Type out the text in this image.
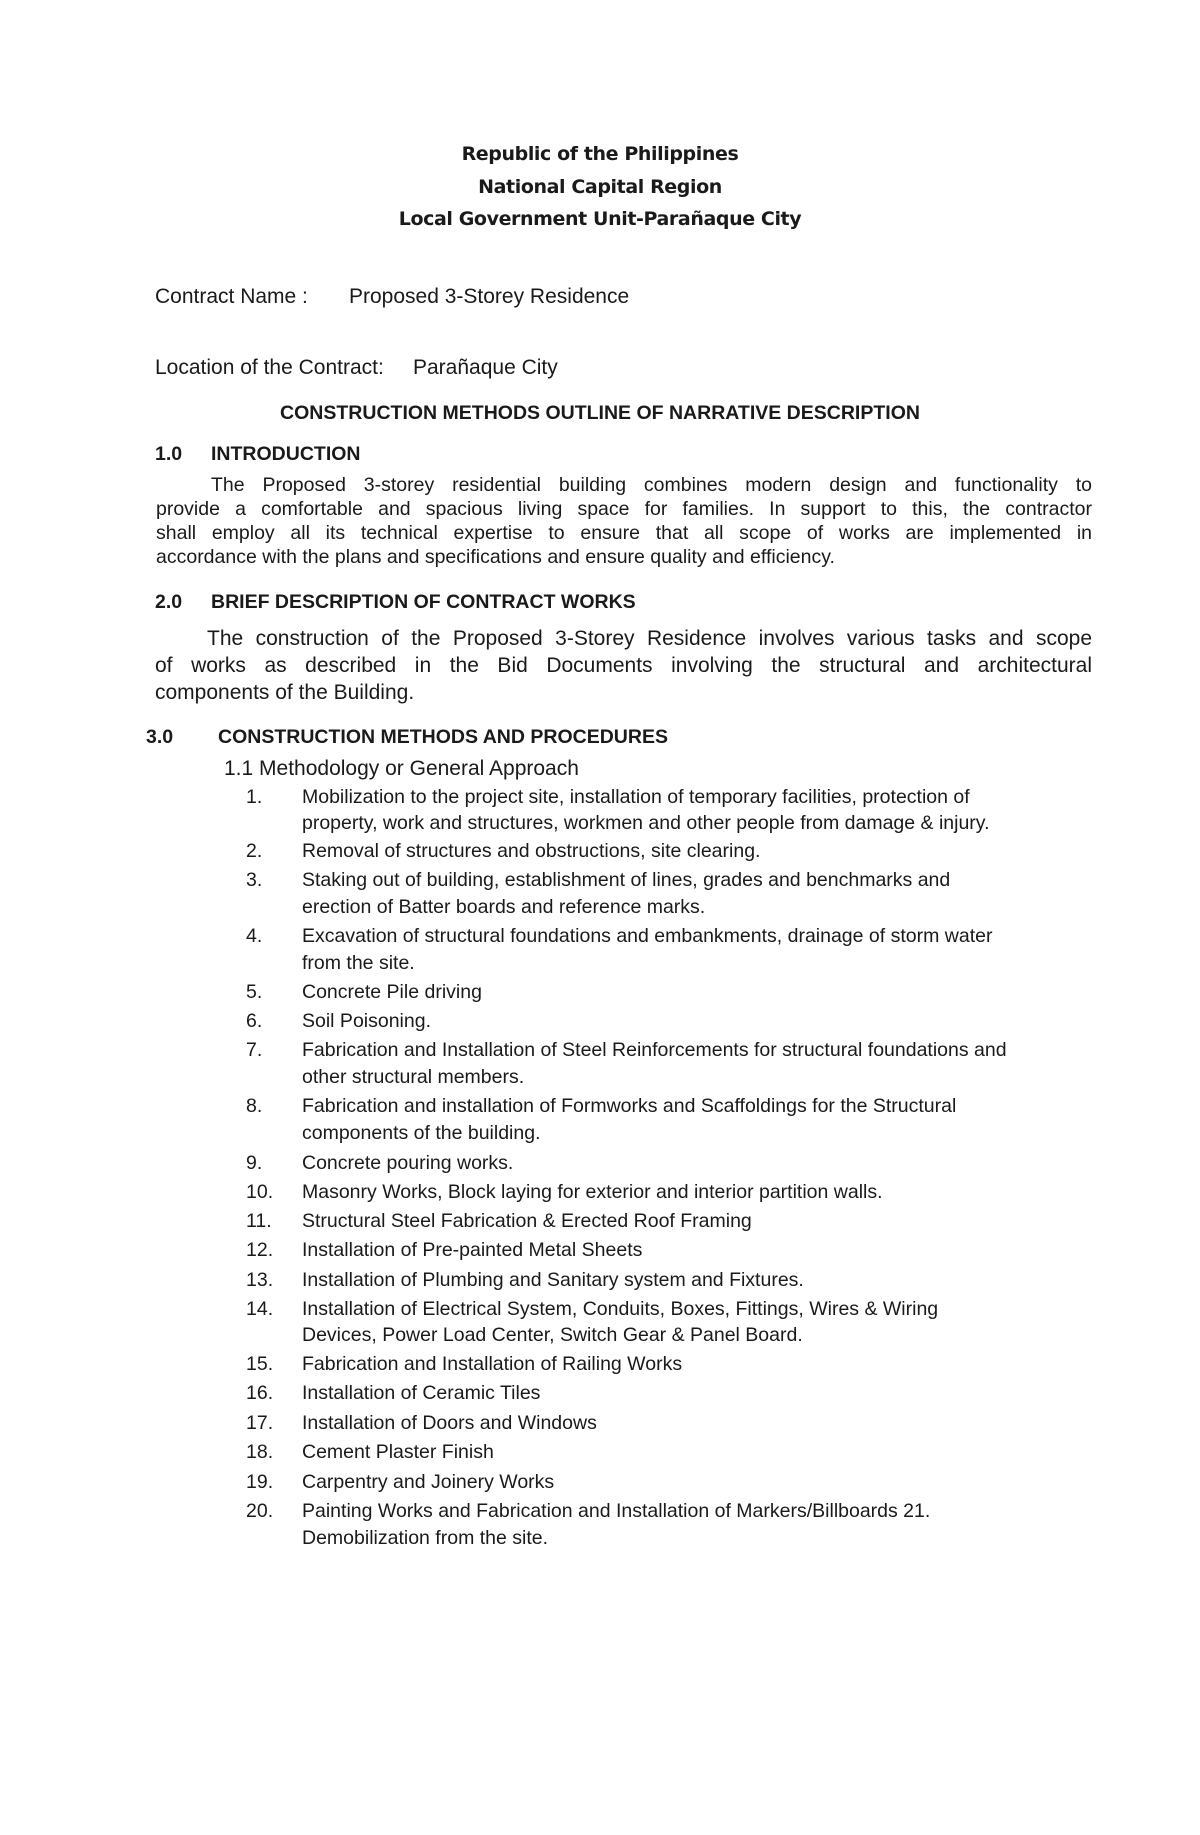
Republic of the Philippines
National Capital Region
Local Government Unit-Parañaque City
Contract Name : Proposed 3-Storey Residence
Location of the Contract: Parañaque City
CONSTRUCTION METHODS OUTLINE OF NARRATIVE DESCRIPTION
1.0 INTRODUCTION
The Proposed 3-storey residential building combines modern design and functionality to
provide a comfortable and spacious living space for families. In support to this, the contractor
shall employ all its technical expertise to ensure that all scope of works are implemented in
accordance with the plans and specifications and ensure quality and efficiency.
2.0 BRIEF DESCRIPTION OF CONTRACT WORKS
The construction of the Proposed 3-Storey Residence involves various tasks and scope
of works as described in the Bid Documents involving the structural and architectural
components of the Building.
3.0 CONSTRUCTION METHODS AND PROCEDURES
1.1 Methodology or General Approach
1.	Mobilization to the project site, installation of temporary facilities, protection of
property, work and structures, workmen and other people from damage & injury.
2.	Removal of structures and obstructions, site clearing.
3.	Staking out of building, establishment of lines, grades and benchmarks and
erection of Batter boards and reference marks.
4.	Excavation of structural foundations and embankments, drainage of storm water
from the site.
5.	Concrete Pile driving
6.	Soil Poisoning.
7.	Fabrication and Installation of Steel Reinforcements for structural foundations and
other structural members.
8.	Fabrication and installation of Formworks and Scaffoldings for the Structural
components of the building.
9.	Concrete pouring works.
10.	Masonry Works, Block laying for exterior and interior partition walls.
11.	Structural Steel Fabrication & Erected Roof Framing
12.	Installation of Pre-painted Metal Sheets
13.	Installation of Plumbing and Sanitary system and Fixtures.
14.	Installation of Electrical System, Conduits, Boxes, Fittings, Wires & Wiring
Devices, Power Load Center, Switch Gear & Panel Board.
15.	Fabrication and Installation of Railing Works
16.	Installation of Ceramic Tiles
17.	Installation of Doors and Windows
18.	Cement Plaster Finish
19.	Carpentry and Joinery Works
20.	Painting Works and Fabrication and Installation of Markers/Billboards 21.
Demobilization from the site.
